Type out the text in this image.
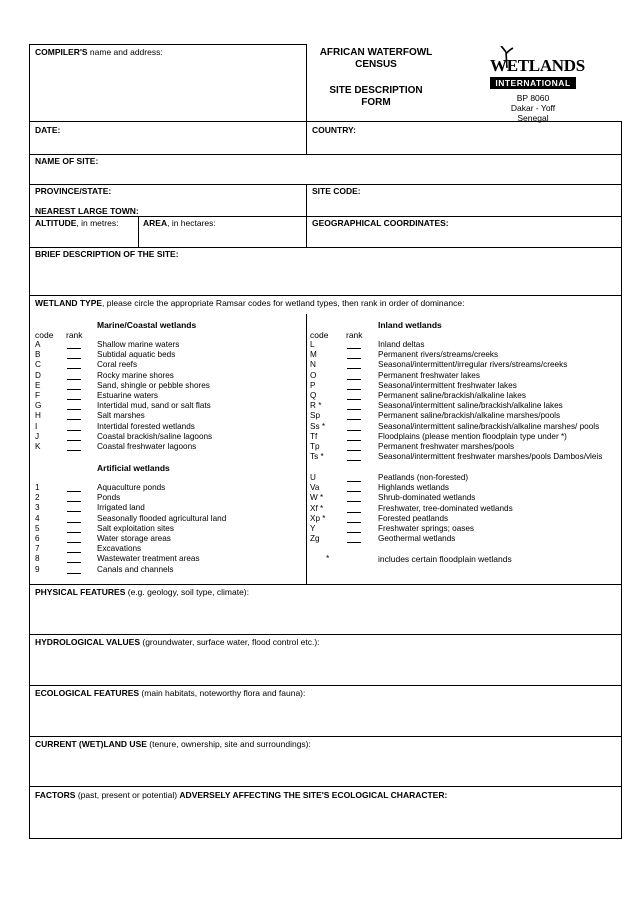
COMPILER'S name and address:	AFRICAN WATERFOWL
CENSUS
SITE DESCRIPTION
FORM
WETLANDS
INTERNATIONAL
BP 8060
Dakar - Yoff
Senegal
DATE:	COUNTRY:
NAME OF SITE:
PROVINCE/STATE:	SITE CODE:
NEAREST LARGE TOWN:
ALTITUDE, in metres:	AREA, in hectares:	GEOGRAPHICAL COORDINATES:
BRIEF DESCRIPTION OF THE SITE:
WETLAND TYPE, please circle the appropriate Ramsar codes for wetland types, then rank in order of dominance:
Marine/Coastal wetlands	Inland wetlands
code rank	code rank
A	Shallow marine waters
B	Subtidal aquatic beds
C	Coral reefs
D	Rocky marine shores
E	Sand, shingle or pebble shores
F	Estuarine waters
G	Intertidal mud, sand or salt flats
H	Salt marshes
I	Intertidal forested wetlands
J	Coastal brackish/saline lagoons
K	Coastal freshwater lagoons
Artificial wetlands
1	Aquaculture ponds
2	Ponds
3	Irrigated land
4	Seasonally flooded agricultural land
5	Salt exploitation sites
6	Water storage areas
7	Excavations
8	Wastewater treatment areas
9	Canals and channels
L	Inland deltas
M	Permanent rivers/streams/creeks
N	Seasonal/intermittent/irregular rivers/streams/creeks
O	Permanent freshwater lakes
P	Seasonal/intermittent freshwater lakes
Q	Permanent saline/brackish/alkaline lakes
R *	Seasonal/intermittent saline/brackish/alkaline lakes
Sp	Permanent saline/brackish/alkaline marshes/pools
Ss *	Seasonal/intermittent saline/brackish/alkaline marshes/ pools
Tf	Floodplains (please mention floodplain type under *)
Tp	Permanent freshwater marshes/pools
Ts *	Seasonal/intermittent freshwater marshes/pools Dambos/vleis
U	Peatlands (non-forested)
Va	Highlands wetlands
W *	Shrub-dominated wetlands
Xf *	Freshwater, tree-dominated wetlands
Xp *	Forested peatlands
Y	Freshwater springs; oases
Zg	Geothermal wetlands
*	includes certain floodplain wetlands
PHYSICAL FEATURES (e.g. geology, soil type, climate):
HYDROLOGICAL VALUES (groundwater, surface water, flood control etc.):
ECOLOGICAL FEATURES (main habitats, noteworthy flora and fauna):
CURRENT (WET)LAND USE (tenure, ownership, site and surroundings):
FACTORS (past, present or potential) ADVERSELY AFFECTING THE SITE'S ECOLOGICAL CHARACTER:
